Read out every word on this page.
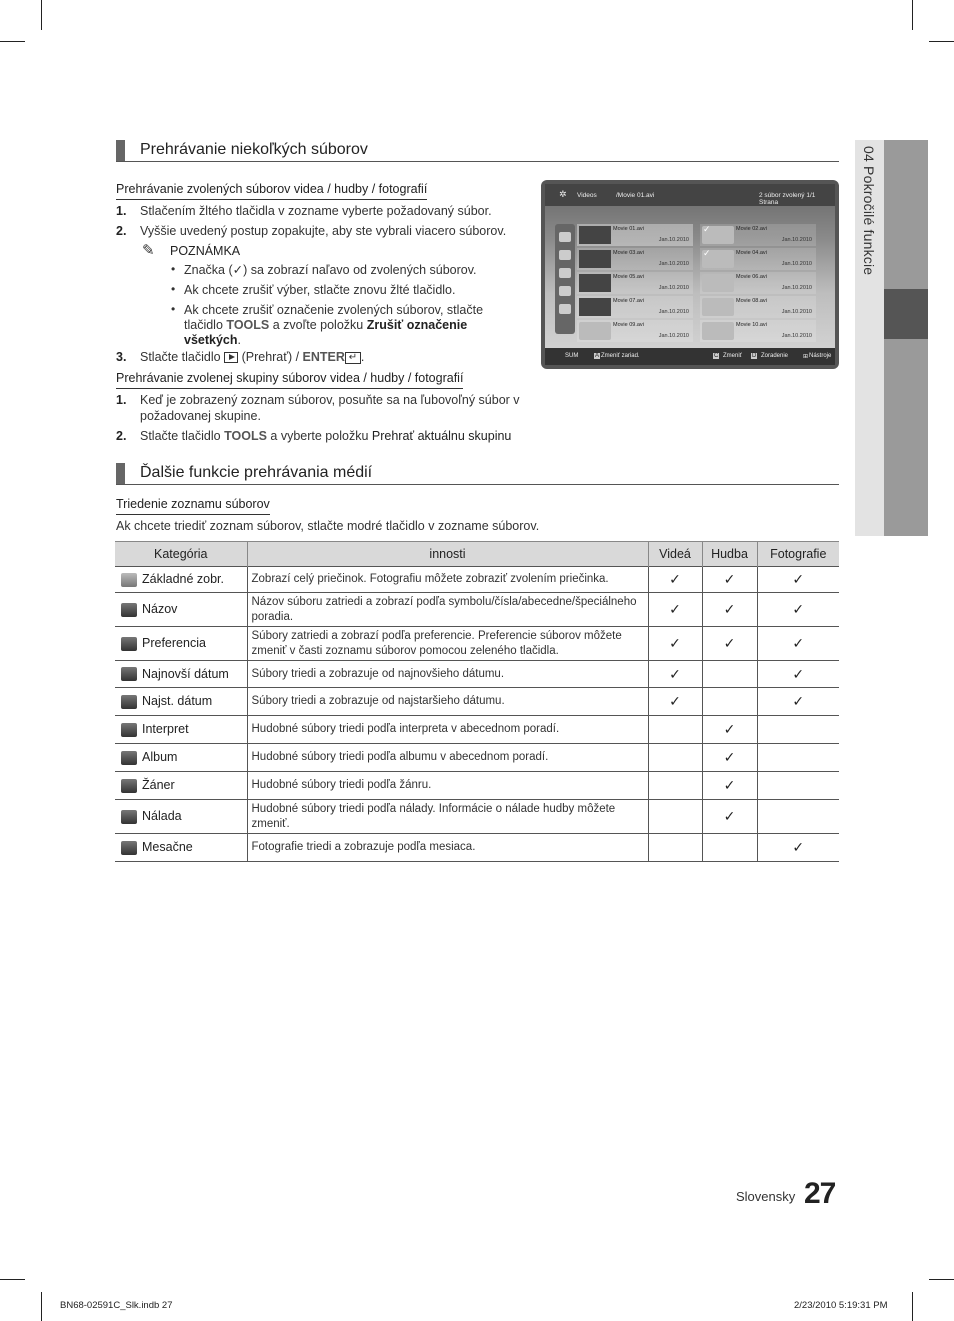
04 Pokročilé funkcie
Prehrávanie niekoľkých súborov
Prehrávanie zvolených súborov videa / hudby / fotografií
1. Stlačením žltého tlačidla v zozname vyberte požadovaný súbor.
2. Vyššie uvedený postup zopakujte, aby ste vybrali viacero súborov.
✎ POZNÁMKA
• Značka (✓) sa zobrazí naľavo od zvolených súborov.
• Ak chcete zrušiť výber, stlačte znovu žlté tlačidlo.
• Ak chcete zrušiť označenie zvolených súborov, stlačte
tlačidlo TOOLS a zvoľte položku Zrušiť označenie
všetkých.
3. Stlačte tlačidlo (Prehrať) / ENTER ↵ .
Prehrávanie zvolenej skupiny súborov videa / hudby / fotografií
1. Keď je zobrazený zoznam súborov, posuňte sa na ľubovoľný súbor v
požadovanej skupine.
2. Stlačte tlačidlo TOOLS a vyberte položku Prehrať aktuálnu skupinu
✲ Videos	/Movie 01.avi	2 súbor zvolený 1/1 Strana
Movie 01.avi
Jan.10.2010
✓	Movie 02.avi
Jan.10.2010
Movie 03.avi
Jan.10.2010
✓	Movie 04.avi
Jan.10.2010
Movie 05.avi
Jan.10.2010
Movie 06.avi
Jan.10.2010
Movie 07.avi
Jan.10.2010
Movie 08.avi
Jan.10.2010
Movie 09.avi
Jan.10.2010
Movie 10.avi
Jan.10.2010
SUM	A Zmeniť zariad.	C Zmeniť D Zoradenie ⊞ Nástroje
Ďalšie funkcie prehrávania médií
Triedenie zoznamu súborov
Ak chcete triediť zoznam súborov, stlačte modré tlačidlo v zozname súborov.
Kategória	innosti	Videá	Hudba	Fotografie
Základné zobr.	Zobrazí celý priečinok. Fotografiu môžete zobraziť zvolením priečinka.	✓	✓	✓
Názov	Názov súboru zatriedi a zobrazí podľa symbolu/čísla/abecedne/špeciálneho
poradia.	✓	✓	✓
Preferencia	Súbory zatriedi a zobrazí podľa preferencie. Preferencie súborov môžete
zmeniť v časti zoznamu súborov pomocou zeleného tlačidla.	✓	✓	✓
Najnovší dátum	Súbory triedi a zobrazuje od najnovšieho dátumu.	✓		✓
Najst. dátum	Súbory triedi a zobrazuje od najstaršieho dátumu.	✓		✓
Interpret	Hudobné súbory triedi podľa interpreta v abecednom poradí.		✓	
Album	Hudobné súbory triedi podľa albumu v abecednom poradí.		✓	
Žáner	Hudobné súbory triedi podľa žánru.		✓	
Nálada	Hudobné súbory triedi podľa nálady. Informácie o nálade hudby môžete
zmeniť.		✓	
Mesačne	Fotografie triedi a zobrazuje podľa mesiaca.			✓
Slovensky 27
BN68-02591C_Slk.indb 27	2/23/2010 5:19:31 PM
